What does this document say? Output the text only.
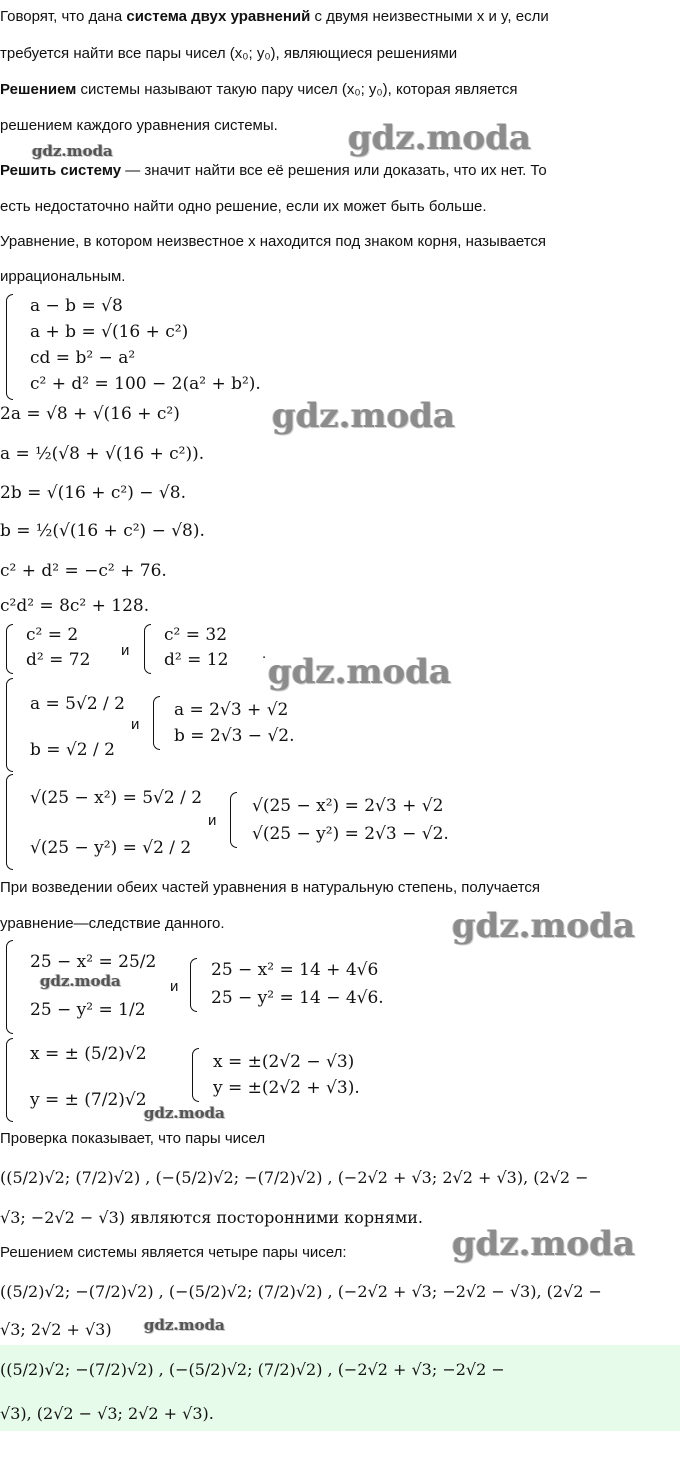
Говорят, что дана система двух уравнений с двумя неизвестными x и y, если
требуется найти все пары чисел (x₀; y₀), являющиеся решениями
Решением системы называют такую пару чисел (x₀; y₀), которая является
решением каждого уравнения системы.
Решить систему — значит найти все её решения или доказать, что их нет. То
есть недостаточно найти одно решение, если их может быть больше.
Уравнение, в котором неизвестное x находится под знаком корня, называется
иррациональным.
a − b = √8
a + b = √(16 + c²)
cd = b² − a²
c² + d² = 100 − 2(a² + b²).
2a = √8 + √(16 + c²)
a = ½(√8 + √(16 + c²)).
2b = √(16 + c²) − √8.
b = ½(√(16 + c²) − √8).
c² + d² = −c² + 76.
c²d² = 8c² + 128.
c² = 2
d² = 72 и
c² = 32
d² = 12 .
a = 5√2 / 2
b = √2 / 2
и
a = 2√3 + √2
b = 2√3 − √2.
√(25 − x²) = 5√2 / 2
√(25 − y²) = √2 / 2
и
√(25 − x²) = 2√3 + √2
√(25 − y²) = 2√3 − √2.
При возведении обеих частей уравнения в натуральную степень, получается
уравнение—следствие данного.
25 − x² = 25/2
25 − y² = 1/2
и
25 − x² = 14 + 4√6
25 − y² = 14 − 4√6.
x = ± (5/2)√2
y = ± (7/2)√2
x = ±(2√2 − √3)
y = ±(2√2 + √3).
Проверка показывает, что пары чисел
((5/2)√2; (7/2)√2) , (−(5/2)√2; −(7/2)√2) , (−2√2 + √3; 2√2 + √3), (2√2 −
√3; −2√2 − √3) являются посторонними корнями.
Решением системы является четыре пары чисел:
((5/2)√2; −(7/2)√2) , (−(5/2)√2; (7/2)√2) , (−2√2 + √3; −2√2 − √3), (2√2 −
√3; 2√2 + √3)
((5/2)√2; −(7/2)√2) , (−(5/2)√2; (7/2)√2) , (−2√2 + √3; −2√2 −
√3), (2√2 − √3; 2√2 + √3).
gdz.moda
gdz.moda
gdz.moda
gdz.moda
gdz.moda
gdz.moda
gdz.moda
gdz.moda
gdz.moda
